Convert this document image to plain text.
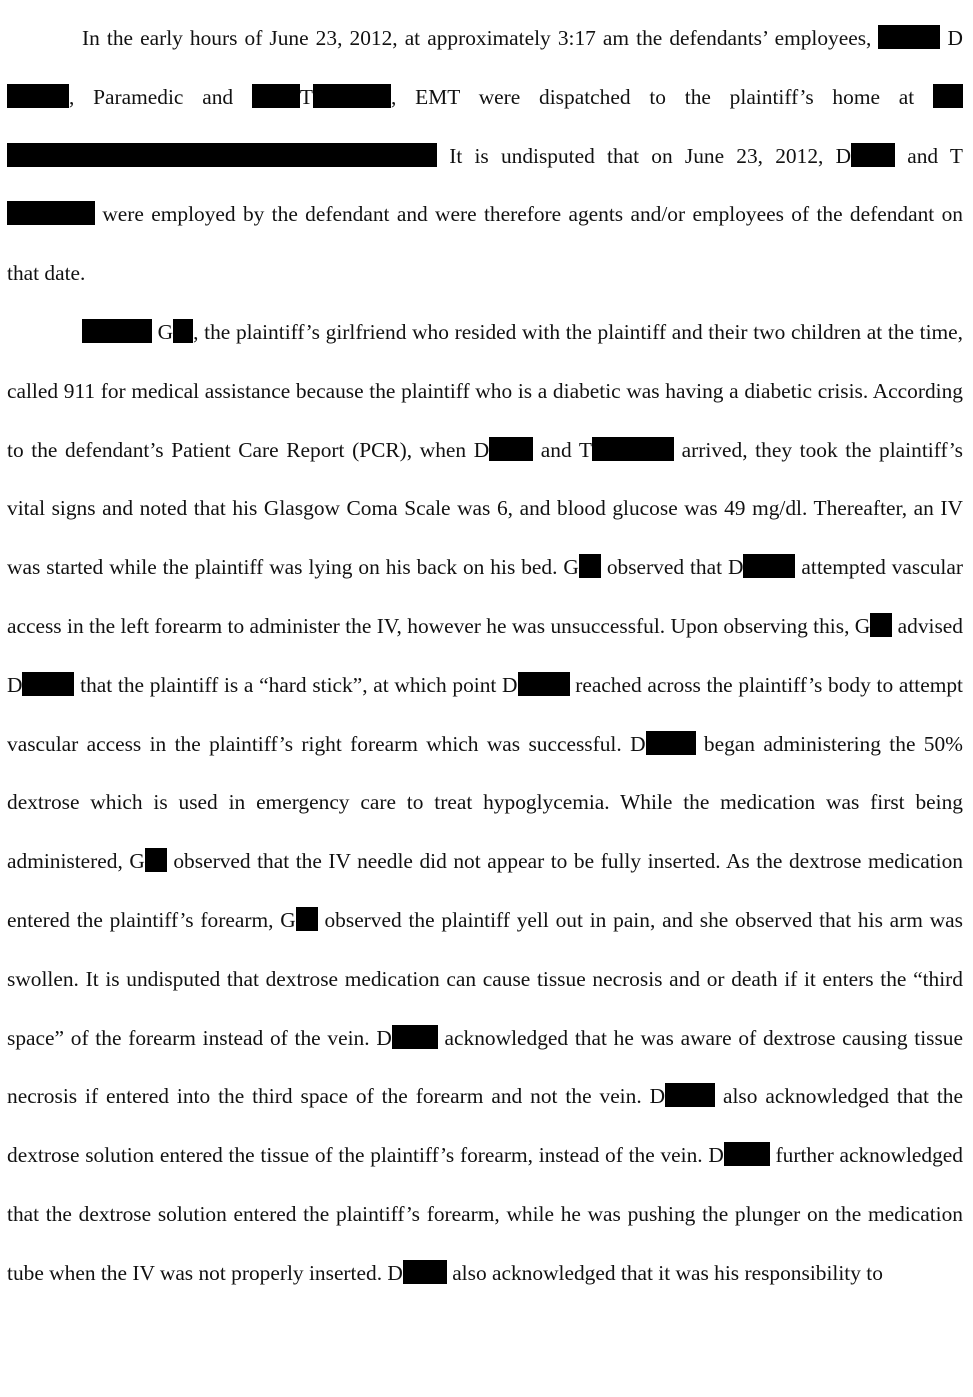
In the early hours of June 23, 2012, at approximately 3:17 am the defendants’ employees,	D, Paramedic and T	, EMT were dispatched to the plaintiff’s home at   It is undisputed that on June 23, 2012, D and T were employed by the defendant and were therefore agents and/or employees of the defendant on that date.

G , the plaintiff’s girlfriend who resided with the plaintiff and their two children at the time, called 911 for medical assistance because the plaintiff who is a diabetic was having a diabetic crisis. According to the defendant’s Patient Care Report (PCR), when D and T	arrived, they took the plaintiff’s vital signs and noted that his Glasgow Coma Scale was 6, and blood glucose was 49 mg/dl. Thereafter, an IV was started while the plaintiff was lying on his back on his bed. G observed that D attempted vascular access in the left forearm to administer the IV, however he was unsuccessful. Upon observing this, G advised D that the plaintiff is a “hard stick”, at which point D reached across the plaintiff’s body to attempt vascular access in the plaintiff’s right forearm which was successful. D began administering the 50% dextrose which is used in emergency care to treat hypoglycemia. While the medication was first being administered, G observed that the IV needle did not appear to be fully inserted. As the dextrose medication entered the plaintiff’s forearm, G observed the plaintiff yell out in pain, and she observed that his arm was swollen. It is undisputed that dextrose medication can cause tissue necrosis and or death if it enters the “third space” of the forearm instead of the vein. D acknowledged that he was aware of dextrose causing tissue necrosis if entered into the third space of the forearm and not the vein. D also acknowledged that the dextrose solution entered the tissue of the plaintiff’s forearm, instead of the vein. D further acknowledged that the dextrose solution entered the plaintiff’s forearm, while he was pushing the plunger on the medication tube when the IV was not properly inserted. D also acknowledged that it was his responsibility to
